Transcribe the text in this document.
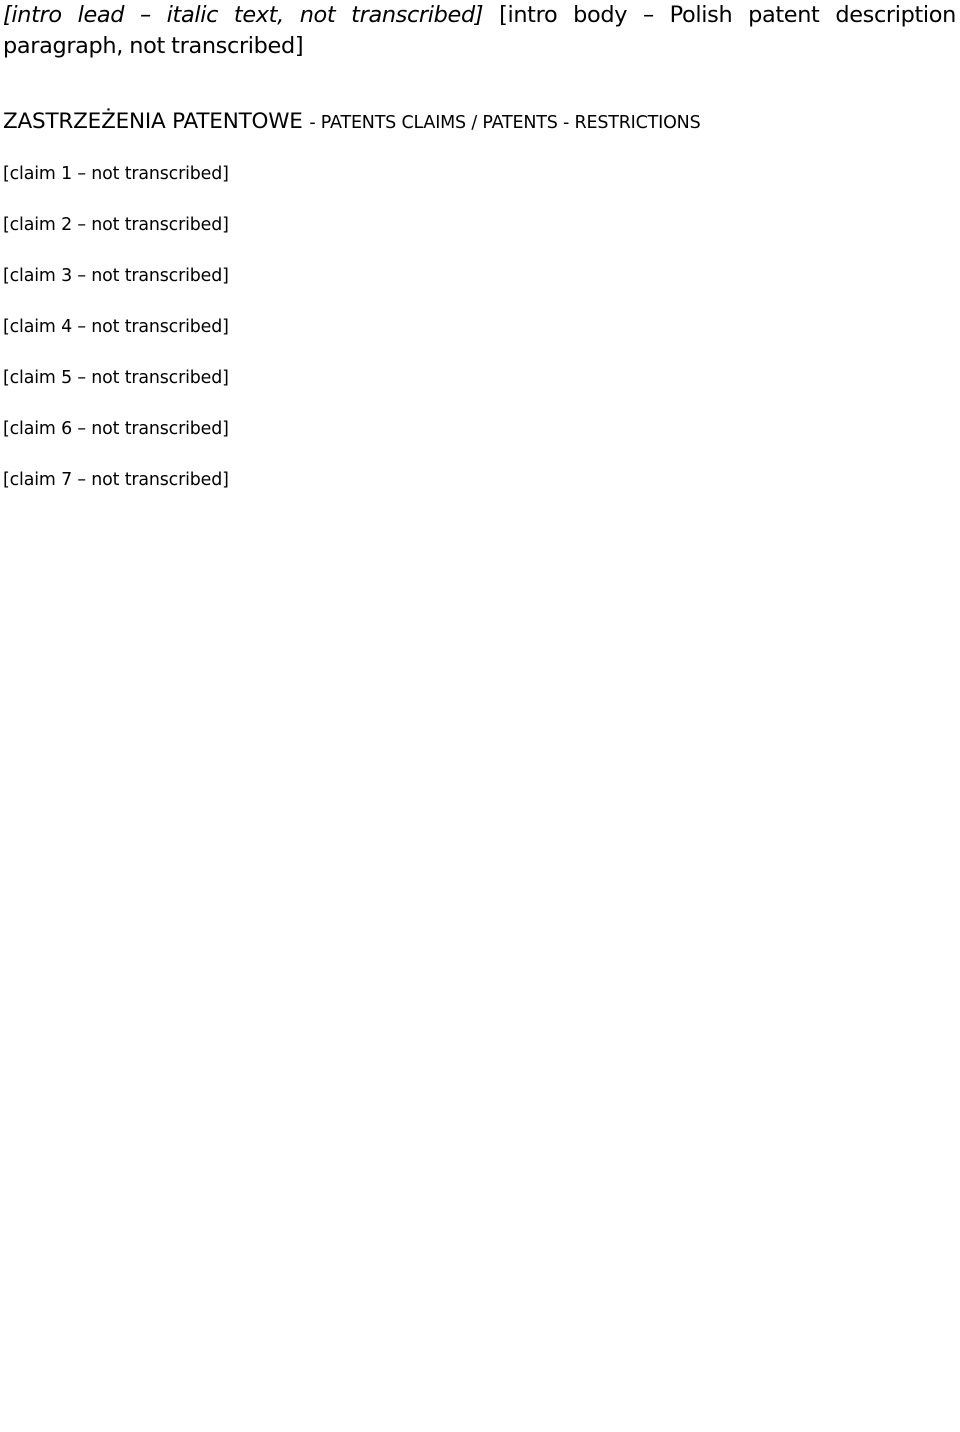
[intro lead – italic text, not transcribed] [intro body – Polish patent description paragraph, not transcribed]

ZASTRZEŻENIA PATENTOWE - PATENTS CLAIMS / PATENTS - RESTRICTIONS
[claim 1 – not transcribed]
[claim 2 – not transcribed]
[claim 3 – not transcribed]
[claim 4 – not transcribed]
[claim 5 – not transcribed]
[claim 6 – not transcribed]
[claim 7 – not transcribed]
